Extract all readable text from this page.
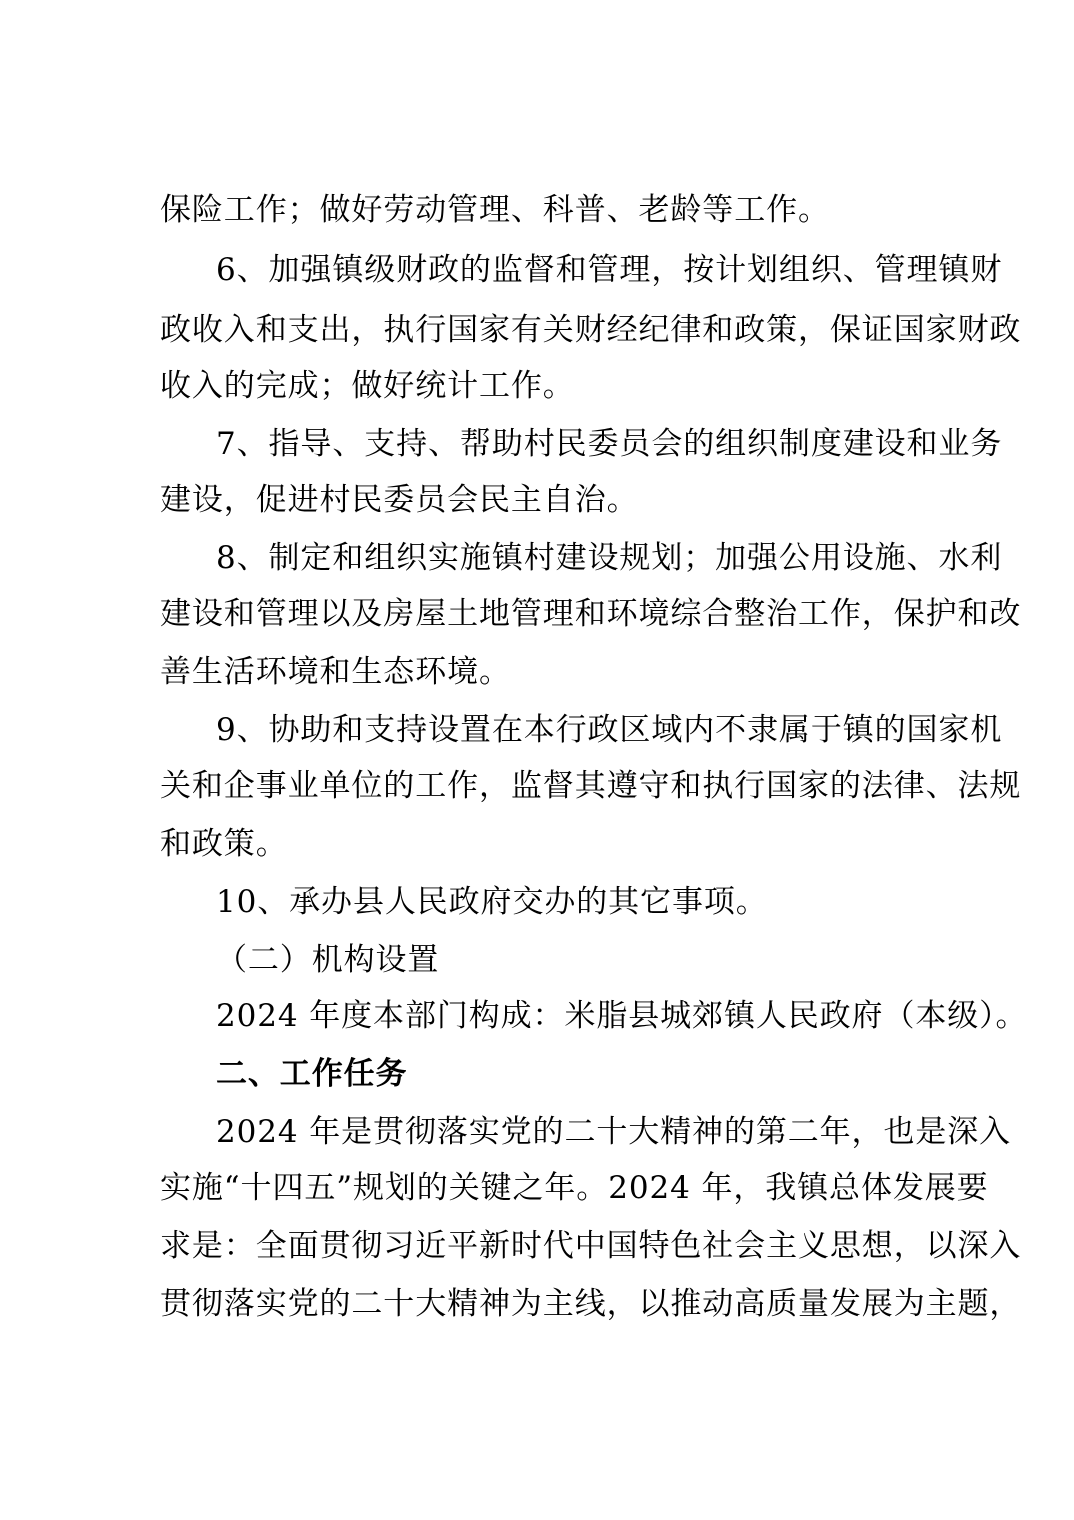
保险工作；做好劳动管理、科普、老龄等工作。
6、加强镇级财政的监督和管理，按计划组织、管理镇财
政收入和支出，执行国家有关财经纪律和政策，保证国家财政
收入的完成；做好统计工作。
7、指导、支持、帮助村民委员会的组织制度建设和业务
建设，促进村民委员会民主自治。
8、制定和组织实施镇村建设规划；加强公用设施、水利
建设和管理以及房屋土地管理和环境综合整治工作，保护和改
善生活环境和生态环境。
9、协助和支持设置在本行政区域内不隶属于镇的国家机
关和企事业单位的工作，监督其遵守和执行国家的法律、法规
和政策。
10、承办县人民政府交办的其它事项。
（二）机构设置
2024 年度本部门构成：米脂县城郊镇人民政府（本级）。
二、工作任务
2024 年是贯彻落实党的二十大精神的第二年，也是深入
实施“十四五”规划的关键之年。2024 年，我镇总体发展要
求是：全面贯彻习近平新时代中国特色社会主义思想，以深入
贯彻落实党的二十大精神为主线，以推动高质量发展为主题，
